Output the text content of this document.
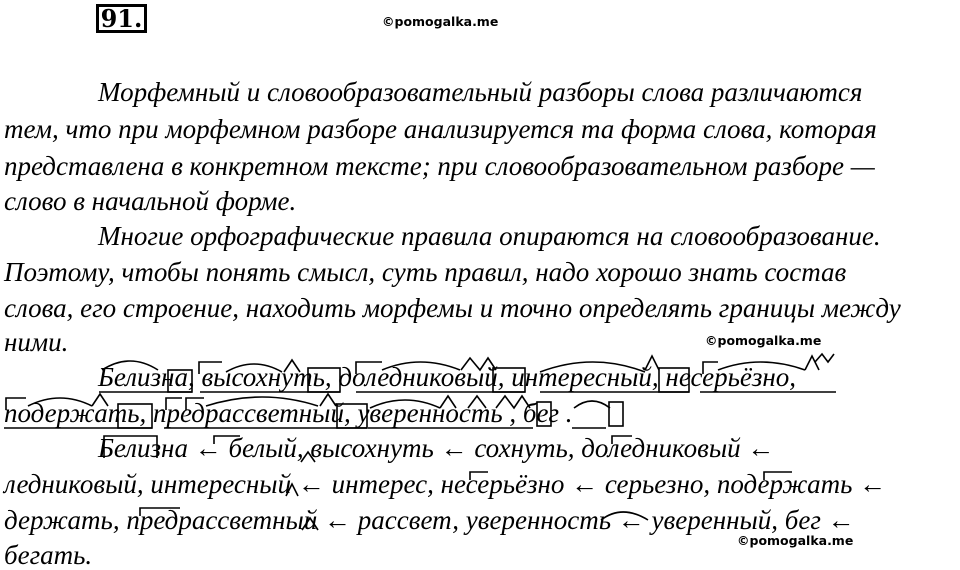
91.	©pomogalka.me
©pomogalka.me
©pomogalka.me
Морфемный и словообразовательный разборы слова различаются
тем, что при морфемном разборе анализируется та форма слова, которая
представлена в конкретном тексте; при словообразовательном разборе —
слово в начальной форме.
Многие орфографические правила опираются на словообразование.
Поэтому, чтобы понять смысл, суть правил, надо хорошо знать состав
слова, его строение, находить морфемы и точно определять границы между
ними.
Белизна, высохнуть, доледниковый, интересный, несерьёзно,
подержать, предрассветный, уверенность , бег .
Белизна ← белый, высохнуть ← сохнуть, доледниковый ←
ледниковый, интересный ← интерес, несерьёзно ← серьезно, подержать ←
держать, предрассветный ← рассвет, уверенность ← уверенный, бег ←
бегать.
